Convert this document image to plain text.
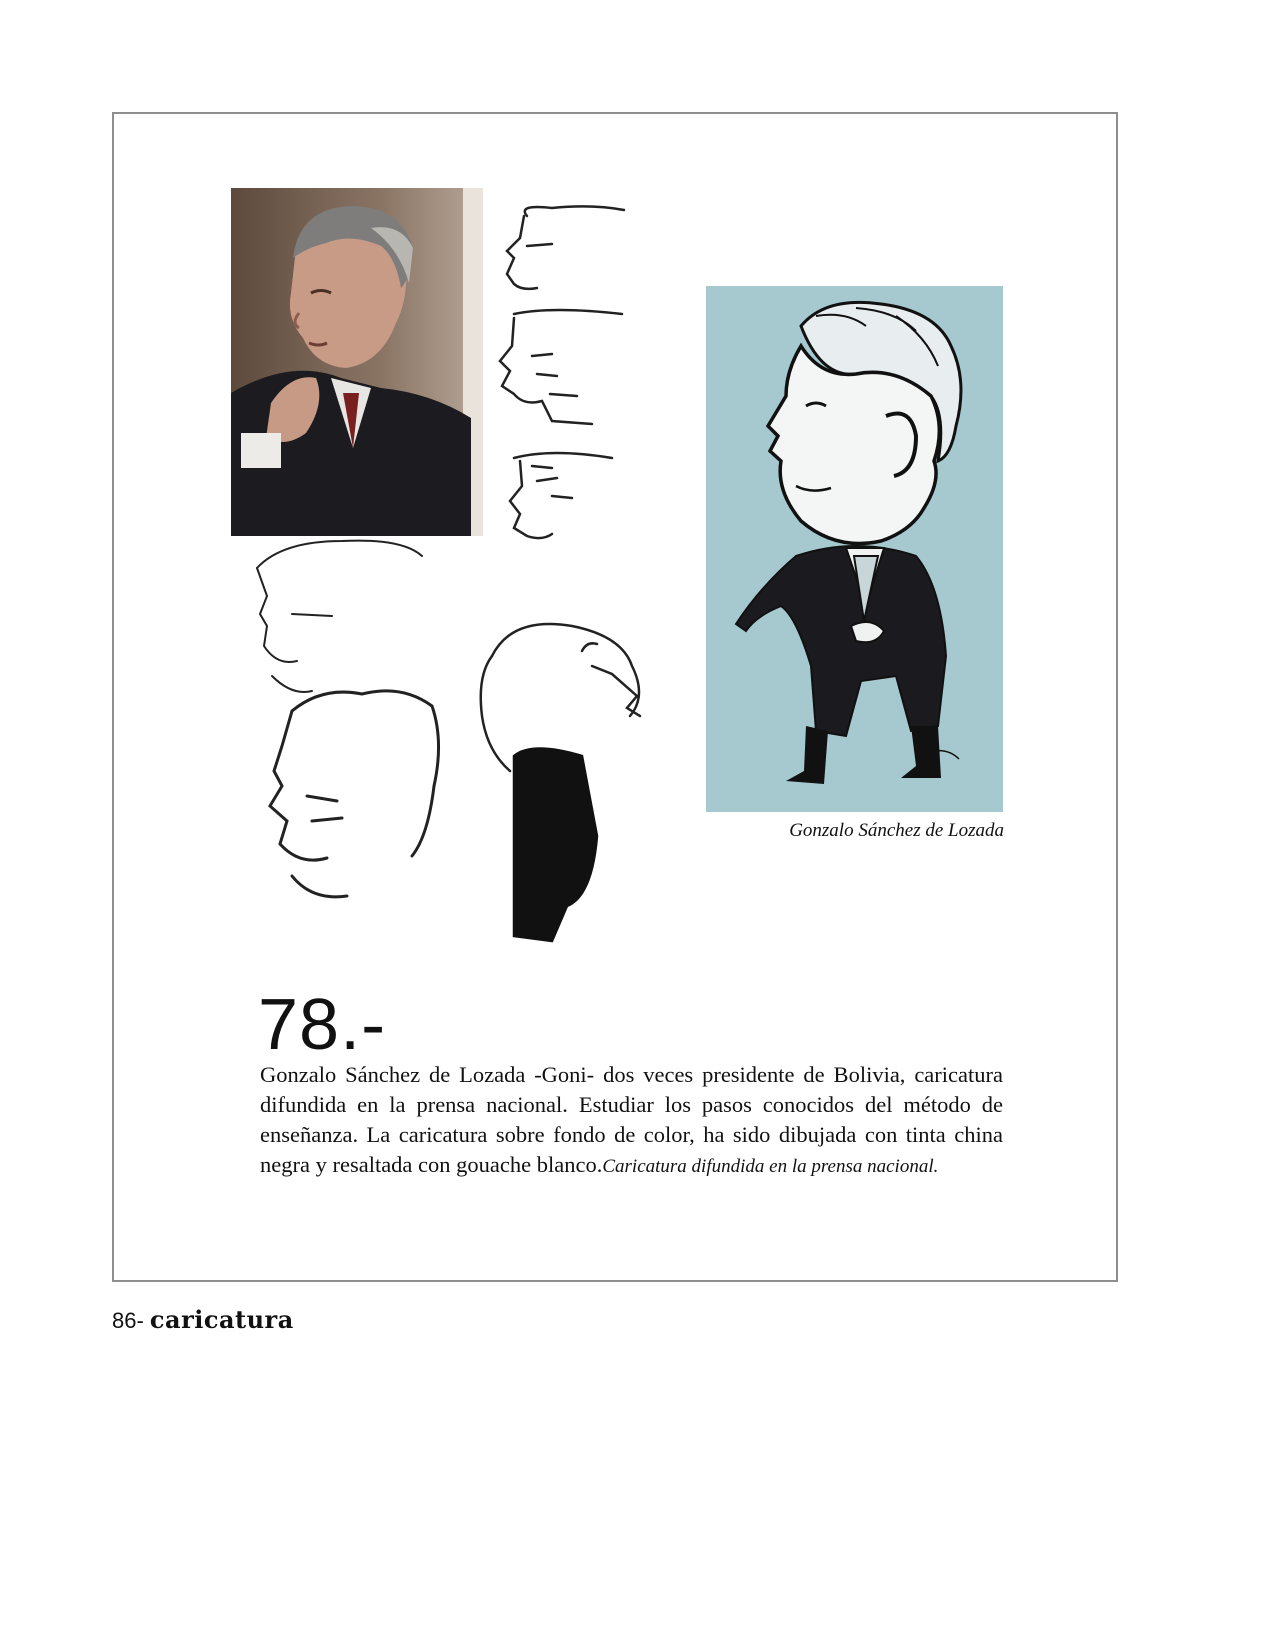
Gonzalo Sánchez de Lozada
78.-
Gonzalo Sánchez de Lozada -Goni- dos veces presidente de Bolivia, caricatura difundida en la prensa nacional. Estudiar los pasos conocidos del método de enseñanza. La caricatura sobre fondo de color, ha sido dibujada con tinta china negra y resaltada con gouache blanco.Caricatura difundida en la prensa nacional.
86- caricatura
